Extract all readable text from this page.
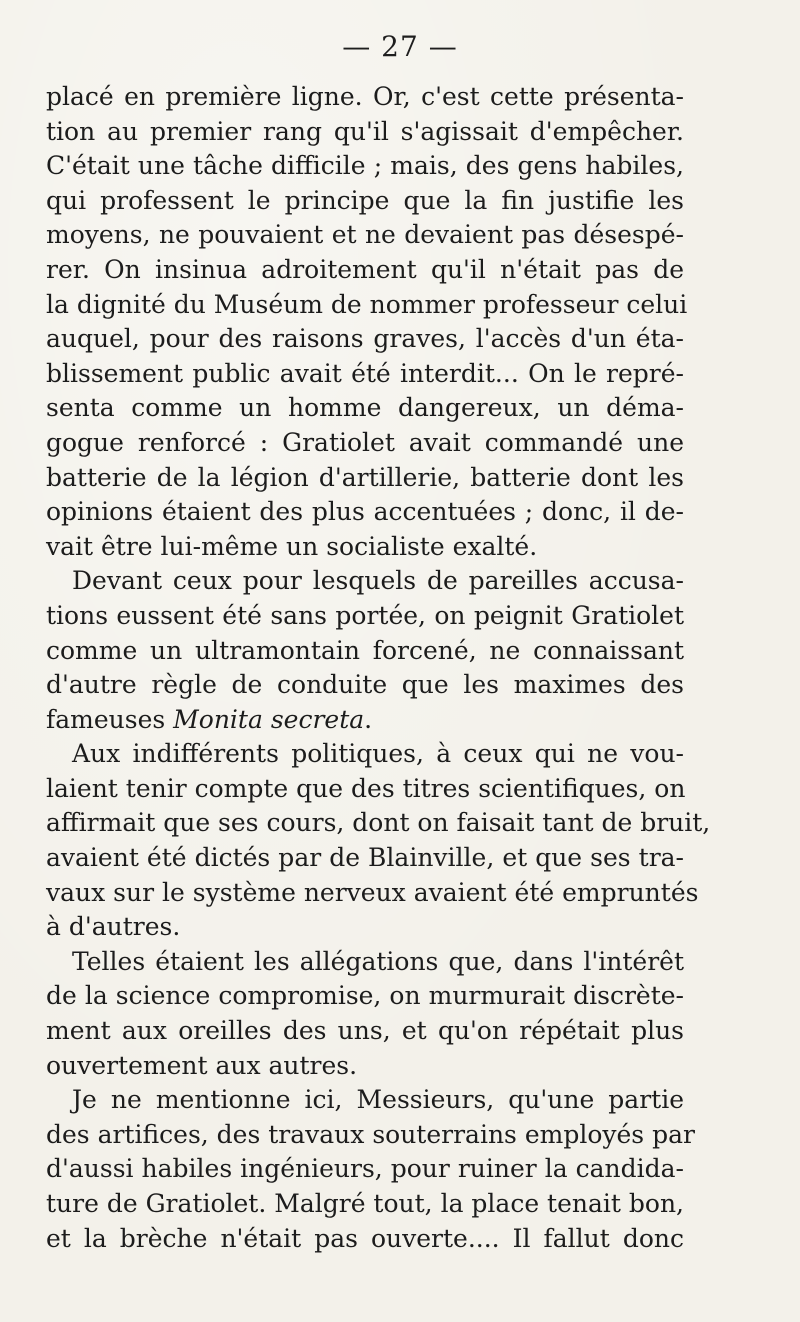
— 27 —
placé en première ligne. Or, c'est cette présenta-
tion au premier rang qu'il s'agissait d'empêcher.
C'était une tâche difficile ; mais, des gens habiles,
qui professent le principe que la fin justifie les
moyens, ne pouvaient et ne devaient pas désespé-
rer. On insinua adroitement qu'il n'était pas de
la dignité du Muséum de nommer professeur celui
auquel, pour des raisons graves, l'accès d'un éta-
blissement public avait été interdit... On le repré-
senta comme un homme dangereux, un déma-
gogue renforcé : Gratiolet avait commandé une
batterie de la légion d'artillerie, batterie dont les
opinions étaient des plus accentuées ; donc, il de-
vait être lui-même un socialiste exalté.
Devant ceux pour lesquels de pareilles accusa-
tions eussent été sans portée, on peignit Gratiolet
comme un ultramontain forcené, ne connaissant
d'autre règle de conduite que les maximes des
fameuses Monita secreta.
Aux indifférents politiques, à ceux qui ne vou-
laient tenir compte que des titres scientifiques, on
affirmait que ses cours, dont on faisait tant de bruit,
avaient été dictés par de Blainville, et que ses tra-
vaux sur le système nerveux avaient été empruntés
à d'autres.
Telles étaient les allégations que, dans l'intérêt
de la science compromise, on murmurait discrète-
ment aux oreilles des uns, et qu'on répétait plus
ouvertement aux autres.
Je ne mentionne ici, Messieurs, qu'une partie
des artifices, des travaux souterrains employés par
d'aussi habiles ingénieurs, pour ruiner la candida-
ture de Gratiolet. Malgré tout, la place tenait bon,
et la brèche n'était pas ouverte.... Il fallut donc
